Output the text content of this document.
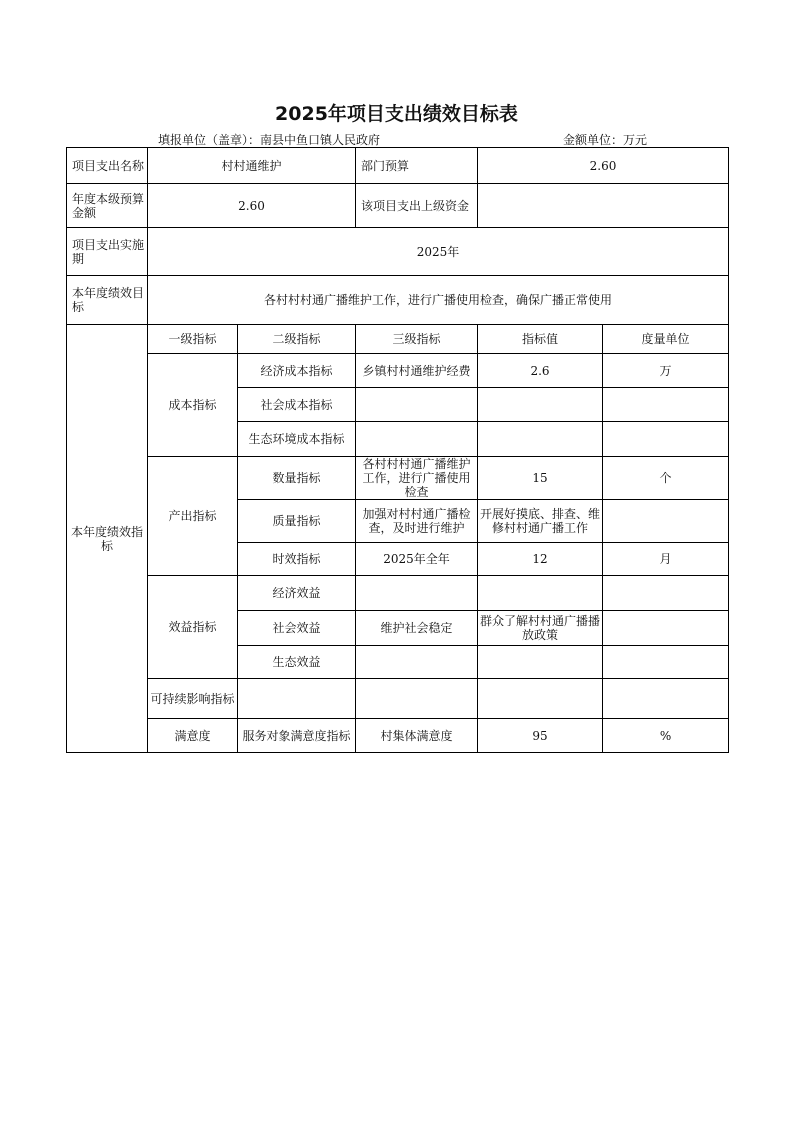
2025年项目支出绩效目标表
填报单位（盖章）：南县中鱼口镇人民政府	金额单位：万元
项目支出名称	村村通维护		部门预算	2.60	
年度本级预算金额	2.60		该项目支出上级资金		
项目支出实施期	2025年				
本年度绩效目标	各村村村通广播维护工作，进行广播使用检查，确保广播正常使用				
本年度绩效指标	一级指标	二级指标	三级指标	指标值	度量单位
	成本指标	经济成本指标	乡镇村村通维护经费	2.6	万
		社会成本指标			
		生态环境成本指标			
	产出指标	数量指标	各村村村通广播维护工作，进行广播使用检查	15	个
		质量指标	加强对村村通广播检查，及时进行维护	开展好摸底、排查、维修村村通广播工作	
		时效指标	2025年全年	12	月
	效益指标	经济效益			
		社会效益	维护社会稳定	群众了解村村通广播播放政策	
		生态效益			
	可持续影响指标				
	满意度	服务对象满意度指标	村集体满意度	95	%
